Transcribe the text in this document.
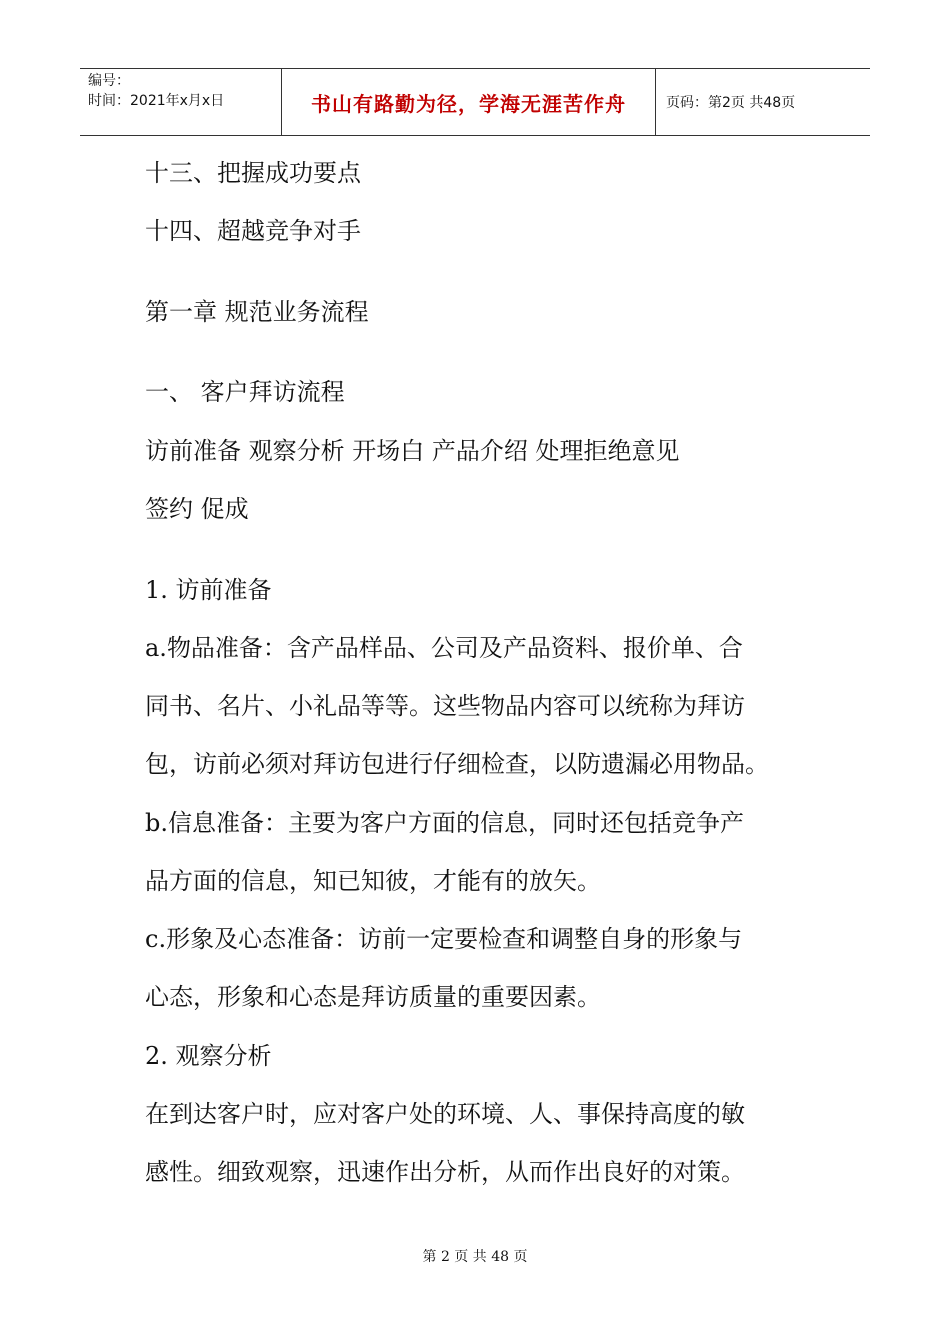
编号：
时间：2021年x月x日	书山有路勤为径，学海无涯苦作舟	页码：第2页 共48页
十三、把握成功要点
十四、超越竞争对手
第一章 规范业务流程
一、 客户拜访流程
访前准备 观察分析 开场白 产品介绍 处理拒绝意见
签约 促成
1. 访前准备
a.物品准备：含产品样品、公司及产品资料、报价单、合
同书、名片、小礼品等等。这些物品内容可以统称为拜访
包，访前必须对拜访包进行仔细检查，以防遗漏必用物品。
b.信息准备：主要为客户方面的信息，同时还包括竞争产
品方面的信息，知已知彼，才能有的放矢。
c.形象及心态准备：访前一定要检查和调整自身的形象与
心态，形象和心态是拜访质量的重要因素。
2. 观察分析
在到达客户时，应对客户处的环境、人、事保持高度的敏
感性。细致观察，迅速作出分析，从而作出良好的对策。
第 2 页 共 48 页
